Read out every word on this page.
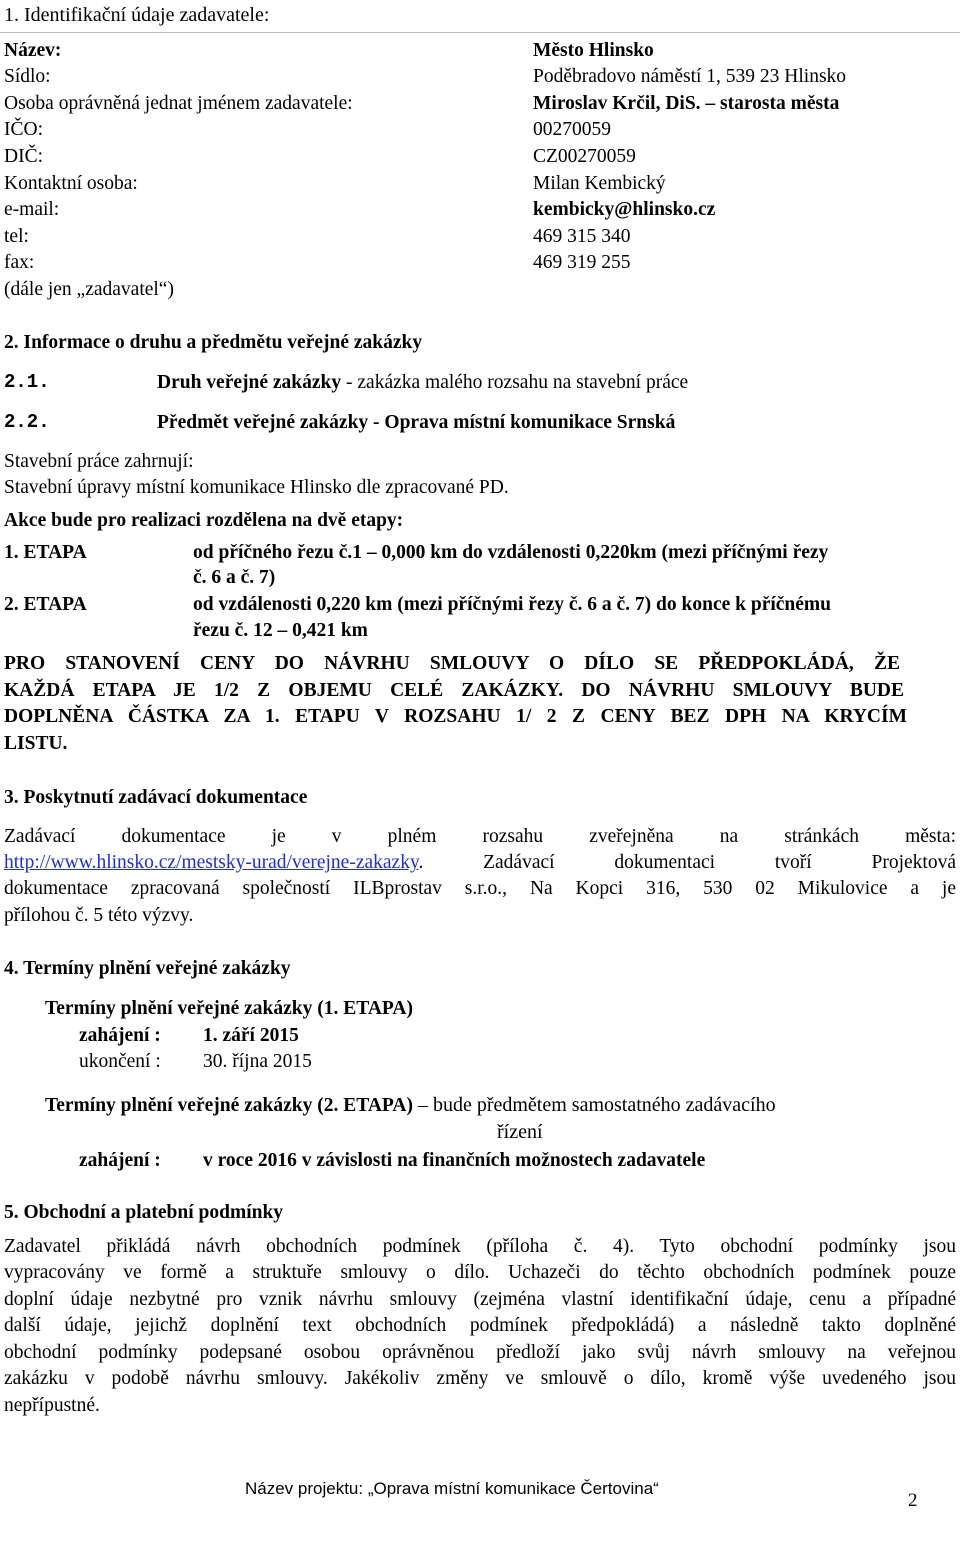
1. Identifikační údaje zadavatele:
Název:	Město Hlinsko
Sídlo:	Poděbradovo náměstí 1, 539 23 Hlinsko
Osoba oprávněná jednat jménem zadavatele:	Miroslav Krčil, DiS. – starosta města
IČO:	00270059
DIČ:	CZ00270059
Kontaktní osoba:	Milan Kembický
e-mail:	kembicky@hlinsko.cz
tel:	469 315 340
fax:	469 319 255
(dále jen „zadavatel“)
2. Informace o druhu a předmětu veřejné zakázky
2.1.	Druh veřejné zakázky - zakázka malého rozsahu na stavební práce
2.2.	Předmět veřejné zakázky - Oprava místní komunikace Srnská
Stavební práce zahrnují:
Stavební úpravy místní komunikace Hlinsko dle zpracované PD.
Akce bude pro realizaci rozdělena na dvě etapy:
1. ETAPA	od příčného řezu č.1 – 0,000 km do vzdálenosti 0,220km (mezi příčnými řezy
č. 6 a č. 7)
2. ETAPA	od vzdálenosti 0,220 km (mezi příčnými řezy č. 6 a č. 7) do konce k příčnému
řezu č. 12 – 0,421 km
PRO STANOVENÍ CENY DO NÁVRHU SMLOUVY O DÍLO SE PŘEDPOKLÁDÁ, ŽE
KAŽDÁ ETAPA JE 1/2 Z OBJEMU CELÉ ZAKÁZKY. DO NÁVRHU SMLOUVY BUDE
DOPLNĚNA ČÁSTKA ZA 1. ETAPU V ROZSAHU 1/ 2 Z CENY BEZ DPH NA KRYCÍM
LISTU.
3. Poskytnutí zadávací dokumentace
Zadávací dokumentace je v plném rozsahu zveřejněna na stránkách města:
http://www.hlinsko.cz/mestsky-urad/verejne-zakazky. Zadávací dokumentaci tvoří Projektová
dokumentace zpracovaná společností ILBprostav s.r.o., Na Kopci 316, 530 02 Mikulovice a je
přílohou č. 5 této výzvy.
4. Termíny plnění veřejné zakázky
Termíny plnění veřejné zakázky (1. ETAPA)
zahájení : 1. září 2015
ukončení : 30. října 2015
Termíny plnění veřejné zakázky (2. ETAPA) – bude předmětem samostatného zadávacího
řízení
zahájení : v roce 2016 v závislosti na finančních možnostech zadavatele
5. Obchodní a platební podmínky
Zadavatel přikládá návrh obchodních podmínek (příloha č. 4). Tyto obchodní podmínky jsou
vypracovány ve formě a struktuře smlouvy o dílo. Uchazeči do těchto obchodních podmínek pouze
doplní údaje nezbytné pro vznik návrhu smlouvy (zejména vlastní identifikační údaje, cenu a případné
další údaje, jejichž doplnění text obchodních podmínek předpokládá) a následně takto doplněné
obchodní podmínky podepsané osobou oprávněnou předloží jako svůj návrh smlouvy na veřejnou
zakázku v podobě návrhu smlouvy. Jakékoliv změny ve smlouvě o dílo, kromě výše uvedeného jsou
nepřípustné.
Název projektu: „Oprava místní komunikace Čertovina“
2
